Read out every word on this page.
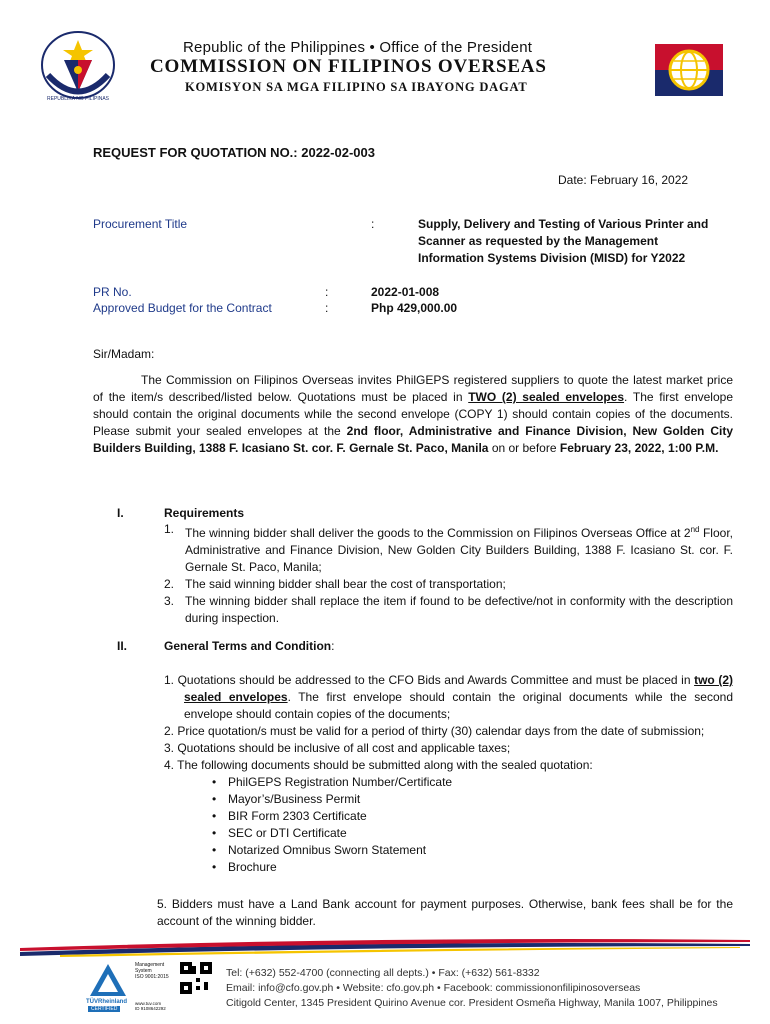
REPUBLIKA NG PILIPINAS
Republic of the Philippines • Office of the President
COMMISSION ON FILIPINOS OVERSEAS
KOMISYON SA MGA FILIPINO SA IBAYONG DAGAT
REQUEST FOR QUOTATION NO.: 2022-02-003
Date: February 16, 2022
Procurement Title	:	Supply, Delivery and Testing of Various Printer and
Scanner as requested by the Management
Information Systems Division (MISD) for Y2022
PR No.	:	2022-01-008
Approved Budget for the Contract	:	Php 429,000.00
Sir/Madam:
The Commission on Filipinos Overseas invites PhilGEPS registered suppliers to quote the latest market price of the item/s described/listed below. Quotations must be placed in TWO (2) sealed envelopes. The first envelope should contain the original documents while the second envelope (COPY 1) should contain copies of the documents. Please submit your sealed envelopes at the 2nd floor, Administrative and Finance Division, New Golden City Builders Building, 1388 F. Icasiano St. cor. F. Gernale St. Paco, Manila on or before February 23, 2022, 1:00 P.M.
I.	Requirements
1. The winning bidder shall deliver the goods to the Commission on Filipinos Overseas Office at 2nd Floor, Administrative and Finance Division, New Golden City Builders Building, 1388 F. Icasiano St. cor. F. Gernale St. Paco, Manila;
2. The said winning bidder shall bear the cost of transportation;
3. The winning bidder shall replace the item if found to be defective/not in conformity with the description during inspection.
II.	General Terms and Condition:
1. Quotations should be addressed to the CFO Bids and Awards Committee and must be placed in two (2) sealed envelopes. The first envelope should contain the original documents while the second envelope should contain copies of the documents;
2. Price quotation/s must be valid for a period of thirty (30) calendar days from the date of submission;
3. Quotations should be inclusive of all cost and applicable taxes;
4. The following documents should be submitted along with the sealed quotation:
• PhilGEPS Registration Number/Certificate
• Mayor’s/Business Permit
• BIR Form 2303 Certificate
• SEC or DTI Certificate
• Notarized Omnibus Sworn Statement
• Brochure
5. Bidders must have a Land Bank account for payment purposes. Otherwise, bank fees shall be for the account of the winning bidder.
Management
System
ISO 9001:2015
TÜVRheinland
CERTIFIED
www.tuv.com
ID 9108642292
Tel: (+632) 552-4700 (connecting all depts.) • Fax: (+632) 561-8332
Email: info@cfo.gov.ph • Website: cfo.gov.ph • Facebook: commissiononfilipinosoverseas
Citigold Center, 1345 President Quirino Avenue cor. President Osmeña Highway, Manila 1007, Philippines
